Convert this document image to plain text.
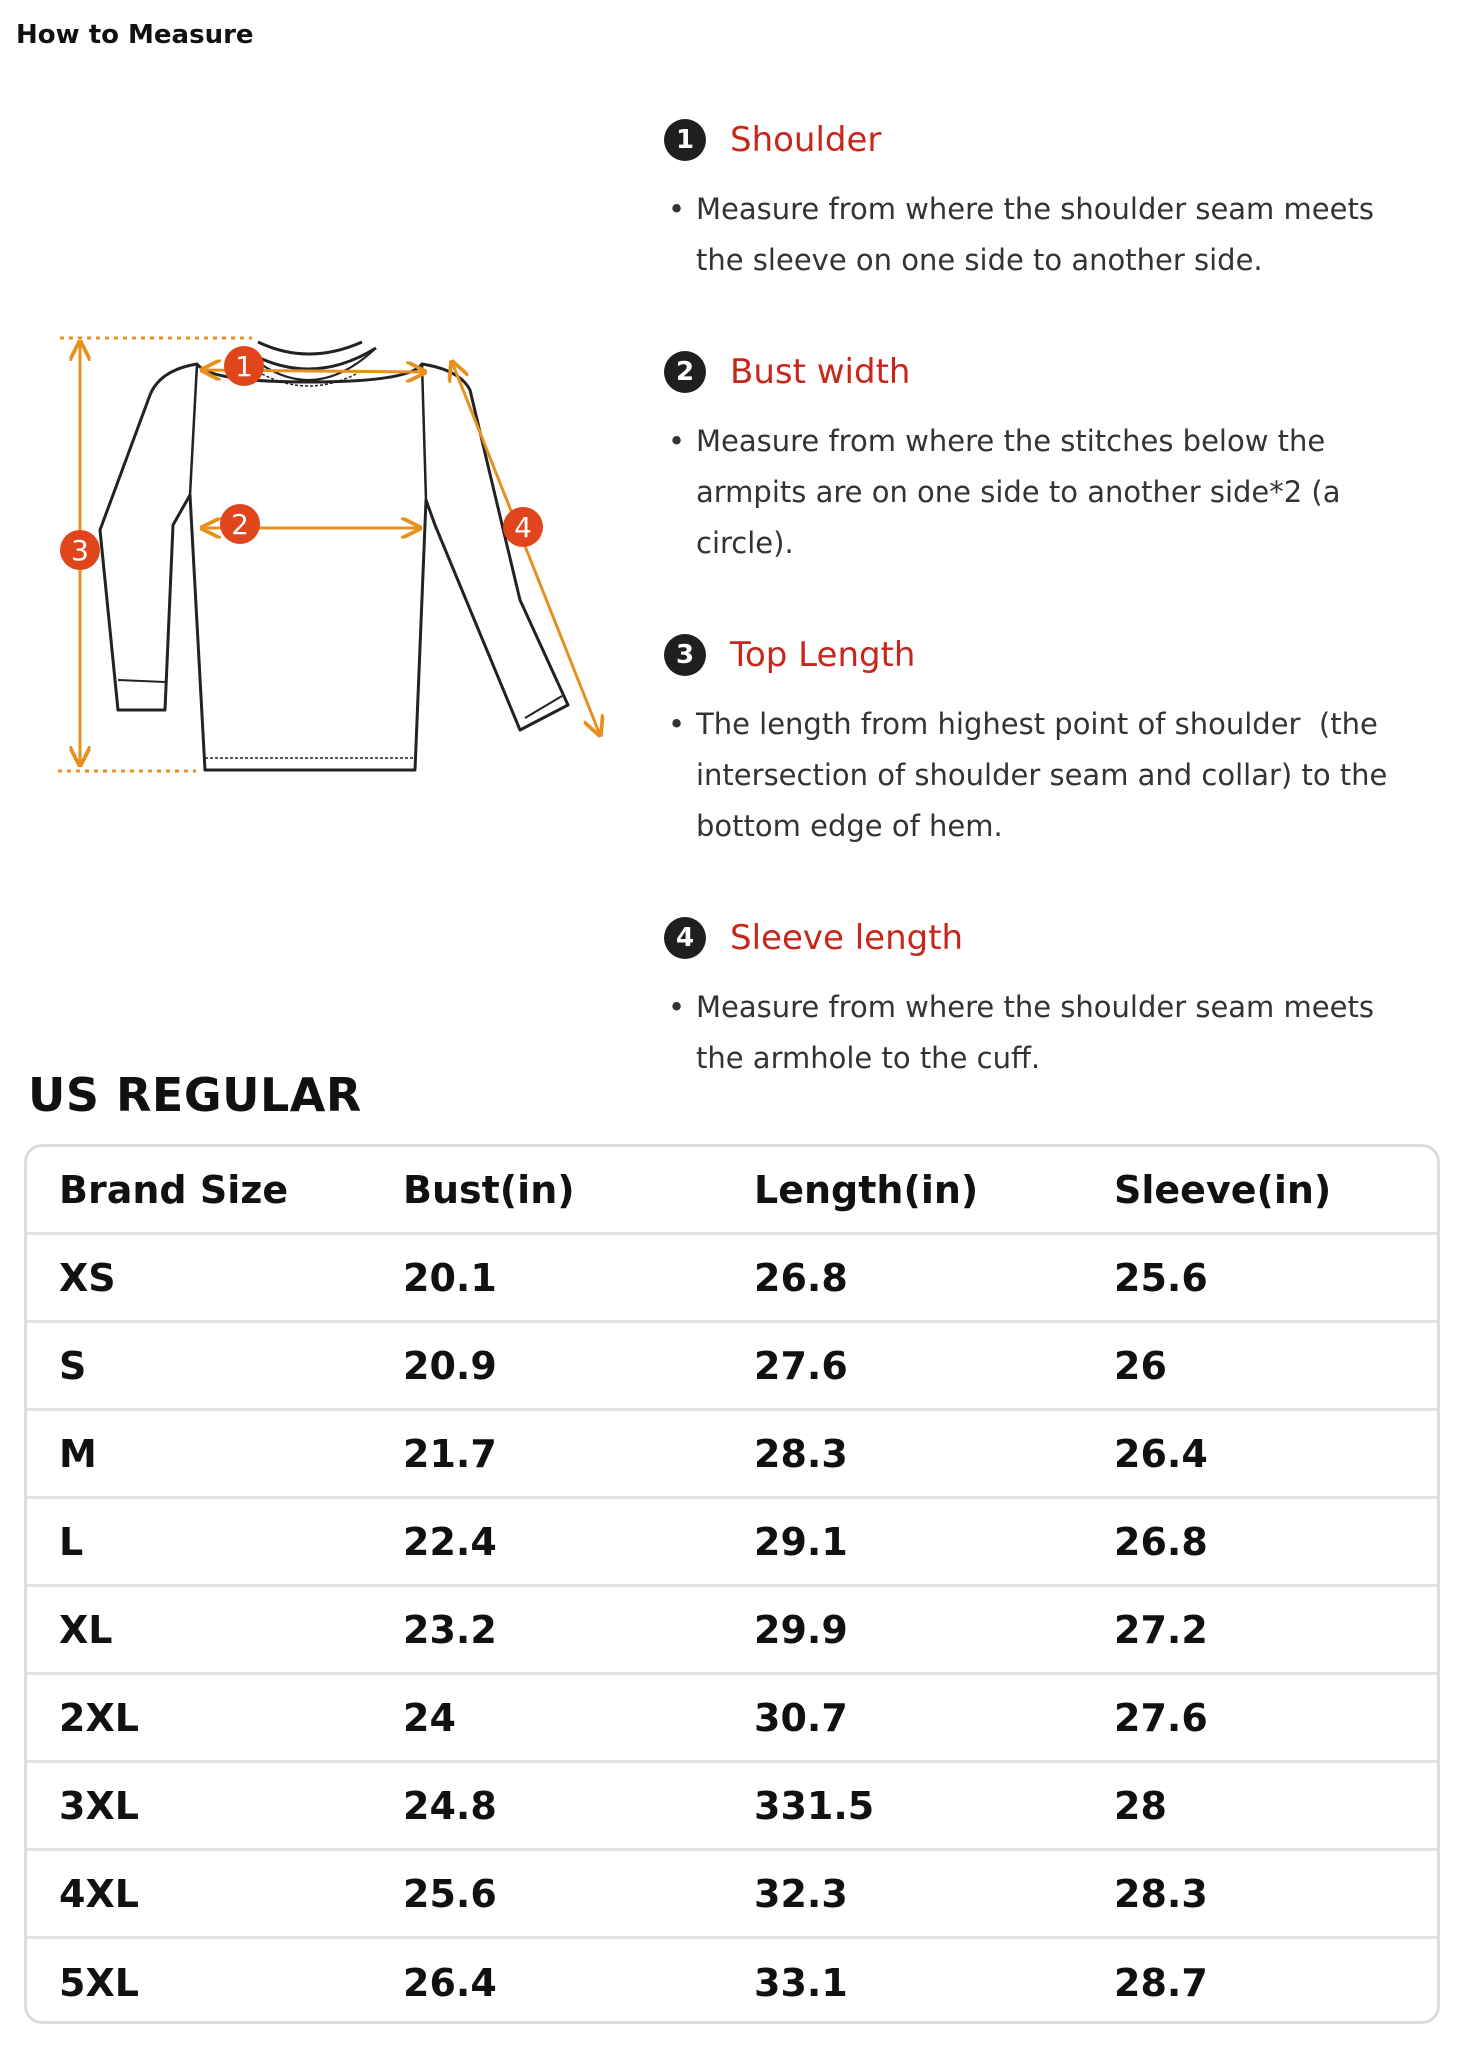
How to Measure
1
2
3
4
1	Shoulder
• Measure from where the shoulder seam meets the sleeve on one side to another side.
2	Bust width
• Measure from where the stitches below the armpits are on one side to another side*2 (a circle).
3	Top Length
• The length from highest point of shoulder  (the intersection of shoulder seam and collar) to the bottom edge of hem.
4	Sleeve length
• Measure from where the shoulder seam meets the armhole to the cuff.
US REGULAR
Brand Size	Bust(in)	Length(in)	Sleeve(in)
XS	20.1	26.8	25.6
S	20.9	27.6	26
M	21.7	28.3	26.4
L	22.4	29.1	26.8
XL	23.2	29.9	27.2
2XL	24	30.7	27.6
3XL	24.8	331.5	28
4XL	25.6	32.3	28.3
5XL	26.4	33.1	28.7
